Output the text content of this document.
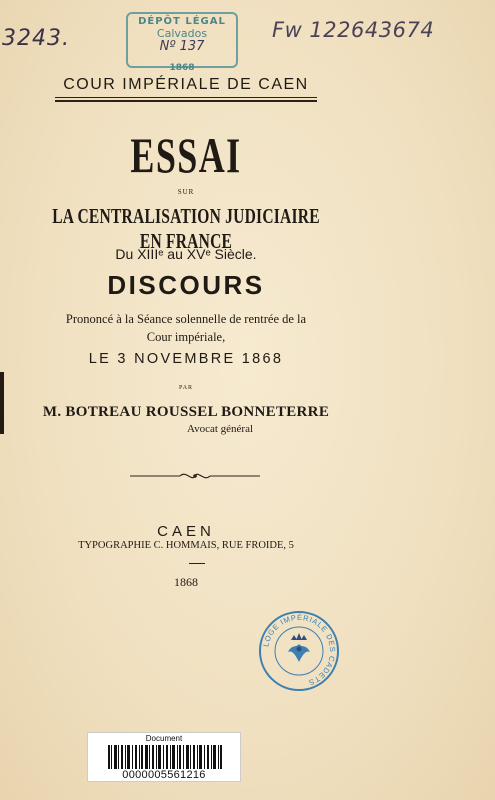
3243.	Fw 122643674
DÉPÔT LÉGAL
Calvados
Nº 137
1868
COUR IMPÉRIALE DE CAEN
ESSAI
SUR
LA CENTRALISATION JUDICIAIRE EN FRANCE
Du XIIIᵉ au XVᵉ Siècle.
DISCOURS
Prononcé à la Séance solennelle de rentrée de la
Cour impériale,
LE 3 NOVEMBRE 1868
PAR
M. BOTREAU ROUSSEL BONNETERRE
Avocat général
CAEN
TYPOGRAPHIE C. HOMMAIS, RUE FROIDE, 5
1868
LOGE IMPÉRIALE DES CADETS
Document
0000005561216
